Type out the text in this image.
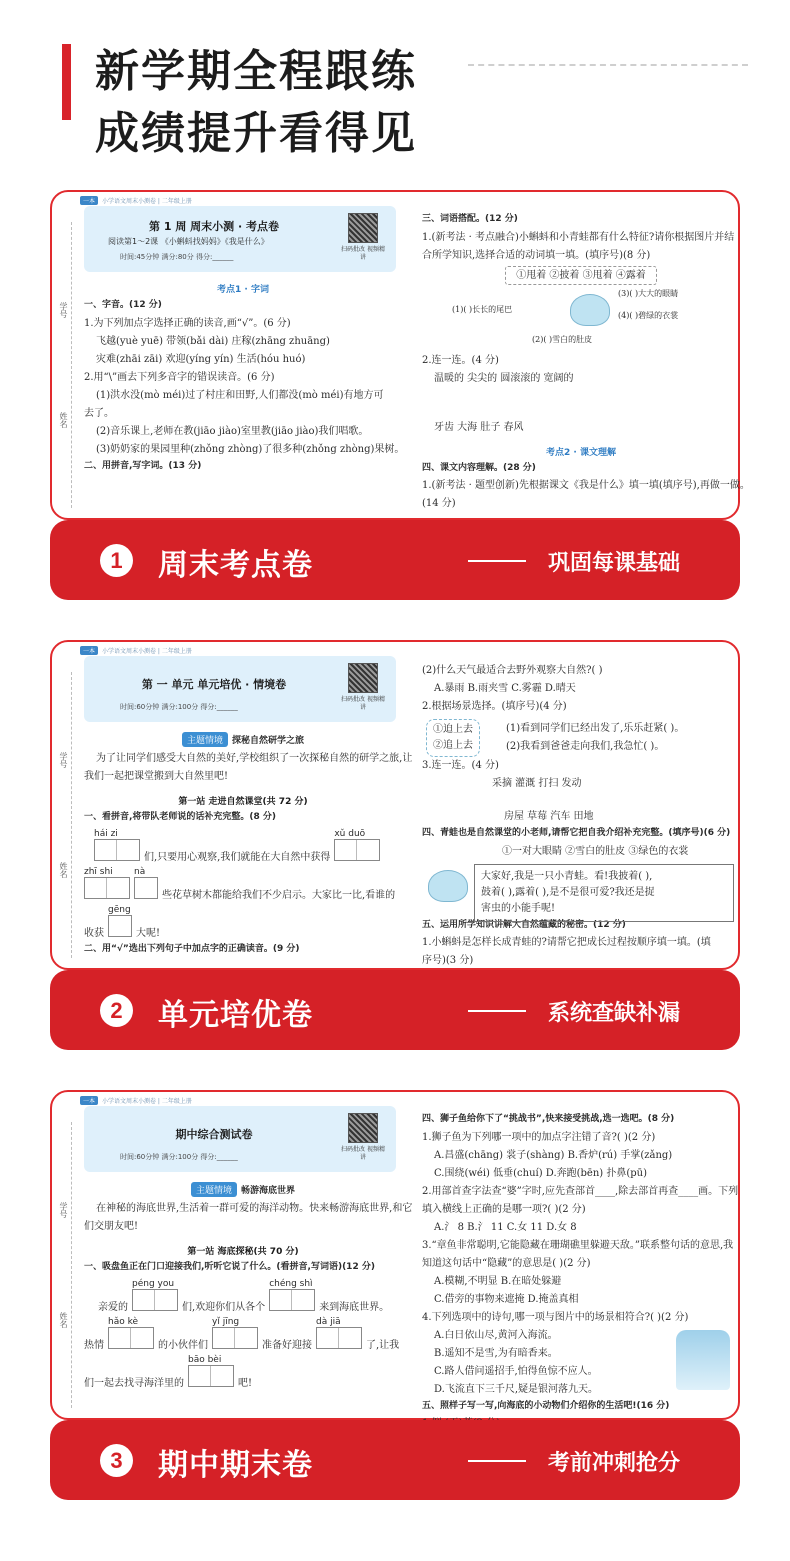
新学期全程跟练
成绩提升看得见
一本 小学语文周末小测卷 | 二年级上册
学号
姓名
第 1 周 周末小测 · 考点卷
阅读第1～2课 《小蝌蚪找妈妈》《我是什么》
时间:45分钟 满分:80分 得分:______
扫码批改 视频精讲
考点1 · 字词

一、字音。(12 分)

1.为下列加点字选择正确的读音,画“√”。(6 分)

飞越(yuè yuē) 带领(bǎi dài) 庄稼(zhāng zhuāng)

灾难(zhāi zāi) 欢迎(yíng yín) 生活(hóu huó)

2.用“\”画去下列多音字的错误读音。(6 分)

(1)洪水没(mò méi)过了村庄和田野,人们都没(mò méi)有地方可

去了。

(2)音乐课上,老师在教(jiāo jiào)室里教(jiāo jiào)我们唱歌。

(3)奶奶家的果园里种(zhǒng zhòng)了很多种(zhǒng zhòng)果树。

二、用拼音,写字词。(13 分)

三、词语搭配。(12 分)

1.(新考法 · 考点融合)小蝌蚪和小青蛙都有什么特征?请你根据图片并结

合所学知识,选择合适的动词填一填。(填序号)(8 分)

①甩着 ②披着 ③甩着 ④露着

(3)( )大大的眼睛
(1)( )长长的尾巴
(4)( )碧绿的衣裳
(2)( )雪白的肚皮

2.连一连。(4 分)

温暖的 尖尖的 圆滚滚的 宽阔的

牙齿 大海 肚子 春风

考点2 · 课文理解

四、课文内容理解。(28 分)

1.(新考法 · 题型创新)先根据课文《我是什么》填一填(填序号),再做一做。

(14 分)

1	周末考点卷	巩固每课基础
一本 小学语文周末小测卷 | 二年级上册
学号
姓名
第 一 单元 单元培优 · 情境卷
时间:60分钟 满分:100分 得分:______
扫码批改 视频精讲
主题情境 探秘自然研学之旅

为了让同学们感受大自然的美好,学校组织了一次探秘自然的研学之旅,让

我们一起把课堂搬到大自然里吧!

第一站 走进自然课堂(共 72 分)

一、看拼音,将带队老师说的话补充完整。(8 分)

hái zi
们,只要用心观察,我们就能在大自然中获得
xǔ duō
zhī shi	nà
些花草树木都能给我们不少启示。大家比一比,看谁的
收获
gēng
大呢!

二、用“√”选出下列句子中加点字的正确读音。(9 分)

(2)什么天气最适合去野外观察大自然?( )

A.暴雨 B.雨夹雪 C.雾霾 D.晴天

2.根据场景选择。(填序号)(4 分)

①迫上去
②追上去
(1)看到同学们已经出发了,乐乐赶紧( )。
(2)我看到爸爸走向我们,我急忙( )。

3.连一连。(4 分)

采摘 灌溉 打扫 发动

房屋 草莓 汽车 田地

四、青蛙也是自然课堂的小老师,请帮它把自我介绍补充完整。(填序号)(6 分)

①一对大眼睛 ②雪白的肚皮 ③绿色的衣裳

大家好,我是一只小青蛙。看!我披着( ),
鼓着( ),露着( ),是不是很可爱?我还是捉
害虫的小能手呢!

五、运用所学知识讲解大自然蕴藏的秘密。(12 分)

1.小蝌蚪是怎样长成青蛙的?请帮它把成长过程按顺序填一填。(填

序号)(3 分)

2	单元培优卷	系统查缺补漏
一本 小学语文周末小测卷 | 二年级上册
学号
姓名
期中综合测试卷
时间:60分钟 满分:100分 得分:______
扫码批改 视频精讲
主题情境 畅游海底世界

在神秘的海底世界,生活着一群可爱的海洋动物。快来畅游海底世界,和它

们交朋友吧!

第一站 海底探秘(共 70 分)

一、吸盘鱼正在门口迎接我们,听听它说了什么。(看拼音,写词语)(12 分)

亲爱的
péng you
们,欢迎你们从各个
chéng shì
来到海底世界。
热情
hǎo kè
的小伙伴们
yǐ jīng
准备好迎接
dà jiā
了,让我
们一起去找寻海洋里的
bāo bèi
吧!

四、狮子鱼给你下了“挑战书”,快来接受挑战,选一选吧。(8 分)

1.狮子鱼为下列哪一项中的加点字注错了音?( )(2 分)

A.昌盛(chāng) 裳子(shàng) B.香炉(rú) 手掌(zǎng)

C.围绕(wéi) 低垂(chuí) D.奔跑(bēn) 扑鼻(pū)

2.用部首查字法查“婆”字时,应先查部首____,除去部首再查____画。下列

填入横线上正确的是哪一项?( )(2 分)

A.氵 8 B.氵 11 C.女 11 D.女 8

3.“章鱼非常聪明,它能隐藏在珊瑚礁里躲避天敌。”联系整句话的意思,我

知道这句话中“隐藏”的意思是( )(2 分)

A.模糊,不明显 B.在暗处躲避

C.借旁的事物来遮掩 D.掩盖真相

4.下列选项中的诗句,哪一项与图片中的场景相符合?( )(2 分)

A.白日依山尽,黄河入海流。

B.遥知不是雪,为有暗香来。

C.路人借问遥招手,怕得鱼惊不应人。

D.飞流直下三千尺,疑是银河落九天。

五、照样子写一写,向海底的小动物们介绍你的生活吧!(16 分)

3	期中期末卷	考前冲刺抢分
